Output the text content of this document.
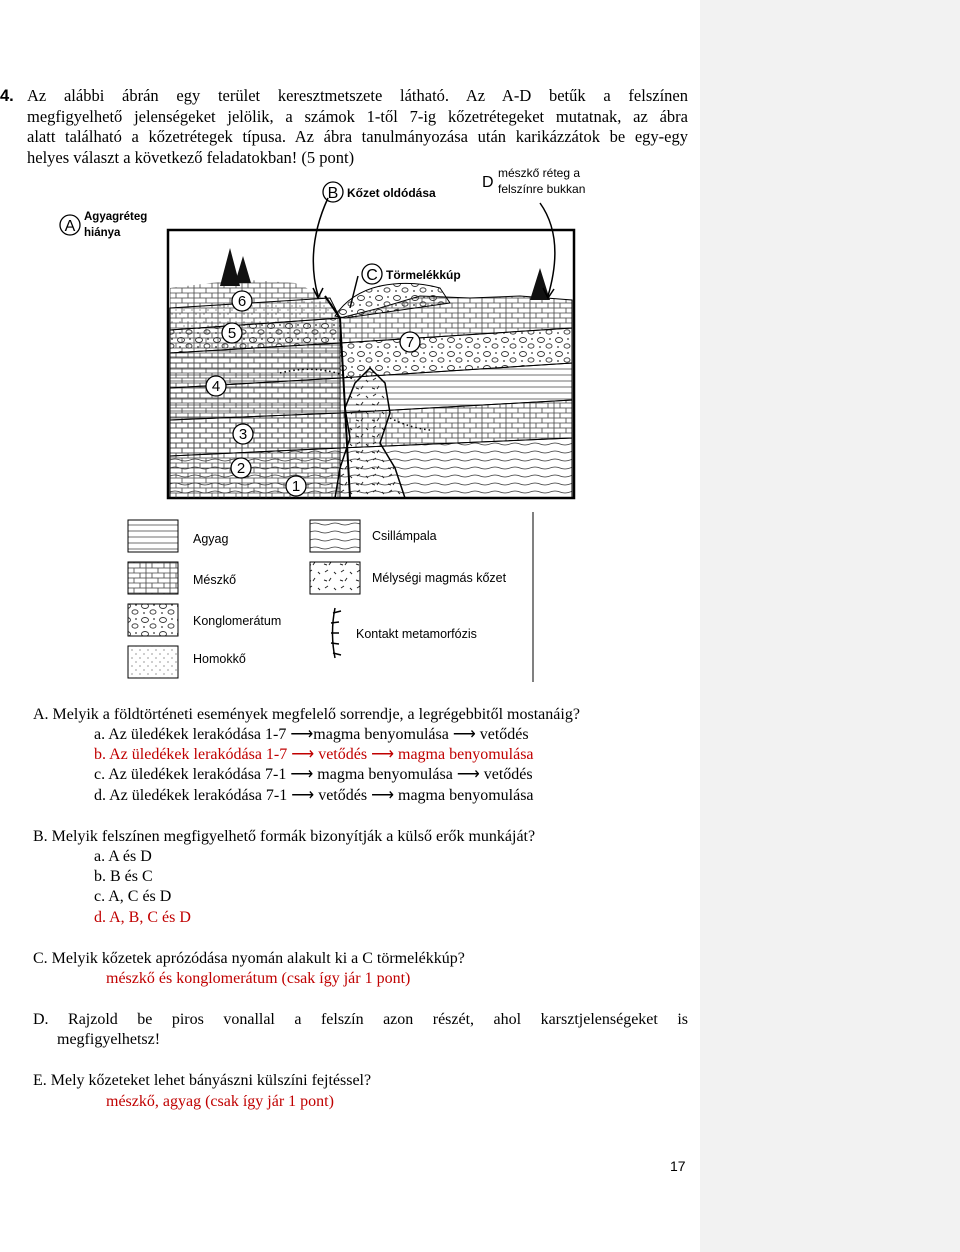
4. Az alábbi ábrán egy terület keresztmetszete látható. Az A-D betűk a felszínen
megfigyelhető jelenségeket jelölik, a számok 1-től 7-ig kőzetrétegeket mutatnak, az ábra
alatt található a kőzetrétegek típusa. Az ábra tanulmányozása után karikázzátok be egy-egy
helyes választ a következő feladatokban! (5 pont)
A
Agyagréteg
hiánya
B Kőzet oldódása
C Törmelékkúp
D
mészkő réteg a
felszínre bukkan
1
2
3
4
5
6
7
Agyag
Mészkő
Konglomerátum
Homokkő
Csillámpala
Mélységi magmás kőzet
Kontakt metamorfózis
A. Melyik a földtörténeti események megfelelő sorrendje, a legrégebbitől mostanáig?
a. Az üledékek lerakódása 1-7 ⟶magma benyomulása ⟶ vetődés
b. Az üledékek lerakódása 1-7 ⟶ vetődés ⟶ magma benyomulása
c. Az üledékek lerakódása 7-1 ⟶ magma benyomulása ⟶ vetődés
d. Az üledékek lerakódása 7-1 ⟶ vetődés ⟶ magma benyomulása
B. Melyik felszínen megfigyelhető formák bizonyítják a külső erők munkáját?
a. A és D
b. B és C
c. A, C és D
d. A, B, C és D
C. Melyik kőzetek aprózódása nyomán alakult ki a C törmelékkúp?
mészkő és konglomerátum (csak így jár 1 pont)
D. Rajzold be piros vonallal a felszín azon részét, ahol karsztjelenségeket is
megfigyelhetsz!
E. Mely kőzeteket lehet bányászni külszíni fejtéssel?
mészkő, agyag (csak így jár 1 pont)
17
